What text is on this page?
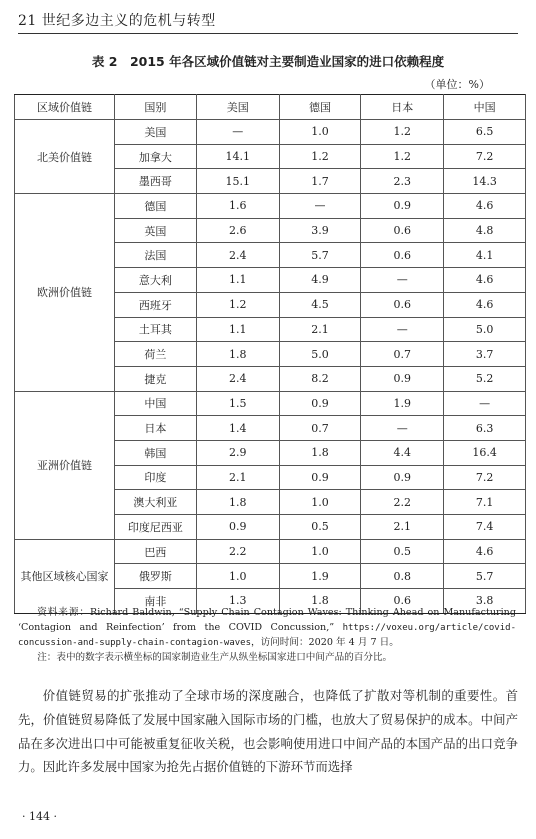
21 世纪多边主义的危机与转型
表 2　2015 年各区域价值链对主要制造业国家的进口依赖程度
（单位：%）
区域价值链	国别	美国	德国	日本	中国
北美价值链	美国	—	1.0	1.2	6.5
	加拿大	14.1	1.2	1.2	7.2
	墨西哥	15.1	1.7	2.3	14.3
欧洲价值链	德国	1.6	—	0.9	4.6
	英国	2.6	3.9	0.6	4.8
	法国	2.4	5.7	0.6	4.1
	意大利	1.1	4.9	—	4.6
	西班牙	1.2	4.5	0.6	4.6
	土耳其	1.1	2.1	—	5.0
	荷兰	1.8	5.0	0.7	3.7
	捷克	2.4	8.2	0.9	5.2
亚洲价值链	中国	1.5	0.9	1.9	—
	日本	1.4	0.7	—	6.3
	韩国	2.9	1.8	4.4	16.4
	印度	2.1	0.9	0.9	7.2
	澳大利亚	1.8	1.0	2.2	7.1
	印度尼西亚	0.9	0.5	2.1	7.4
其他区域核心国家	巴西	2.2	1.0	0.5	4.6
	俄罗斯	1.0	1.9	0.8	5.7
	南非	1.3	1.8	0.6	3.8

资料来源：Richard Baldwin, “Supply Chain Contagion Waves: Thinking Ahead on Manufacturing ‘Contagion and Reinfection’ from the COVID Concussion,” https://voxeu.org/article/covid-concussion-and-supply-chain-contagion-waves，访问时间：2020 年 4 月 7 日。

注：表中的数字表示横坐标的国家制造业生产从纵坐标国家进口中间产品的百分比。

价值链贸易的扩张推动了全球市场的深度融合，也降低了扩散对等机制的重要性。首先，价值链贸易降低了发展中国家融入国际市场的门槛，也放大了贸易保护的成本。中间产品在多次进出口中可能被重复征收关税，也会影响使用进口中间产品的本国产品的出口竞争力。因此许多发展中国家为抢先占据价值链的下游环节而选择

· 144 ·
